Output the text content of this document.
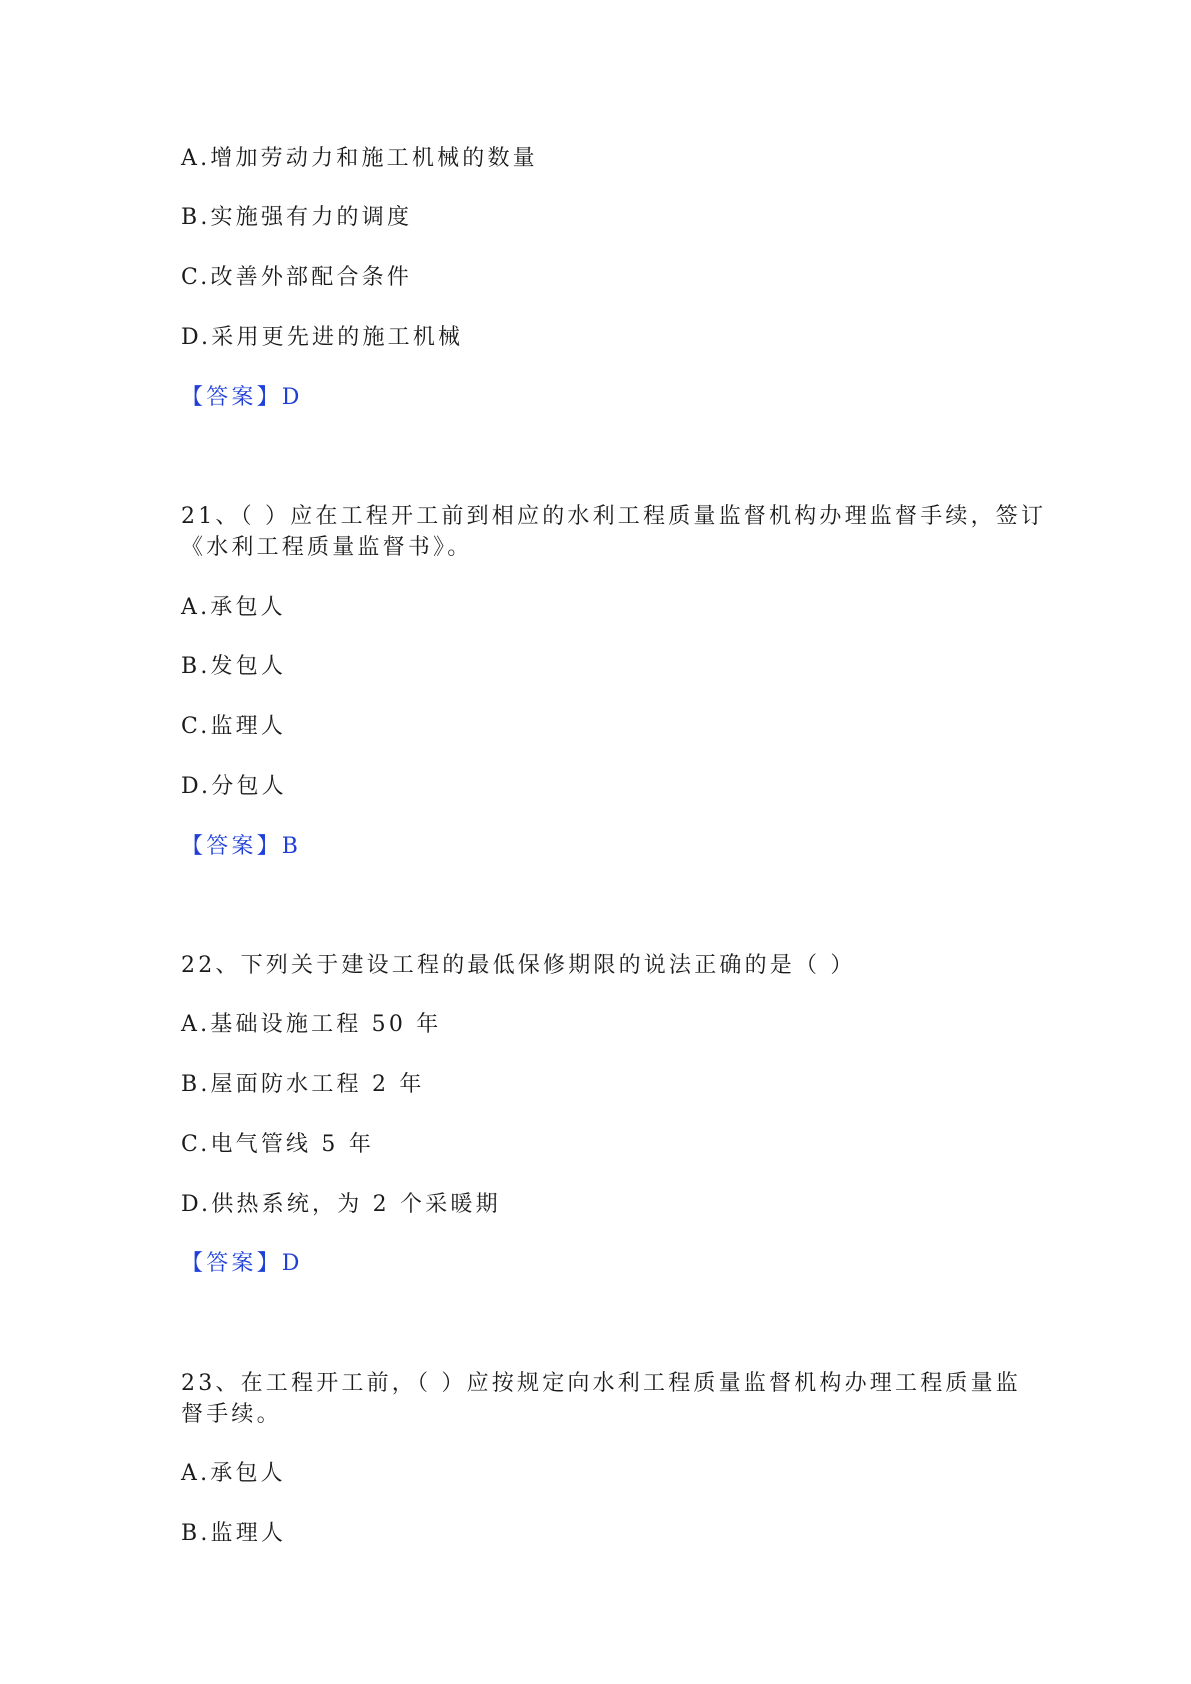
A.增加劳动力和施工机械的数量

B.实施强有力的调度

C.改善外部配合条件

D.采用更先进的施工机械

【答案】D

21、（ ）应在工程开工前到相应的水利工程质量监督机构办理监督手续，签订

《水利工程质量监督书》。

A.承包人

B.发包人

C.监理人

D.分包人

【答案】B

22、下列关于建设工程的最低保修期限的说法正确的是（ ）

A.基础设施工程 50 年

B.屋面防水工程 2 年

C.电气管线 5 年

D.供热系统，为 2 个采暖期

【答案】D

23、在工程开工前，（ ）应按规定向水利工程质量监督机构办理工程质量监

督手续。

A.承包人

B.监理人
